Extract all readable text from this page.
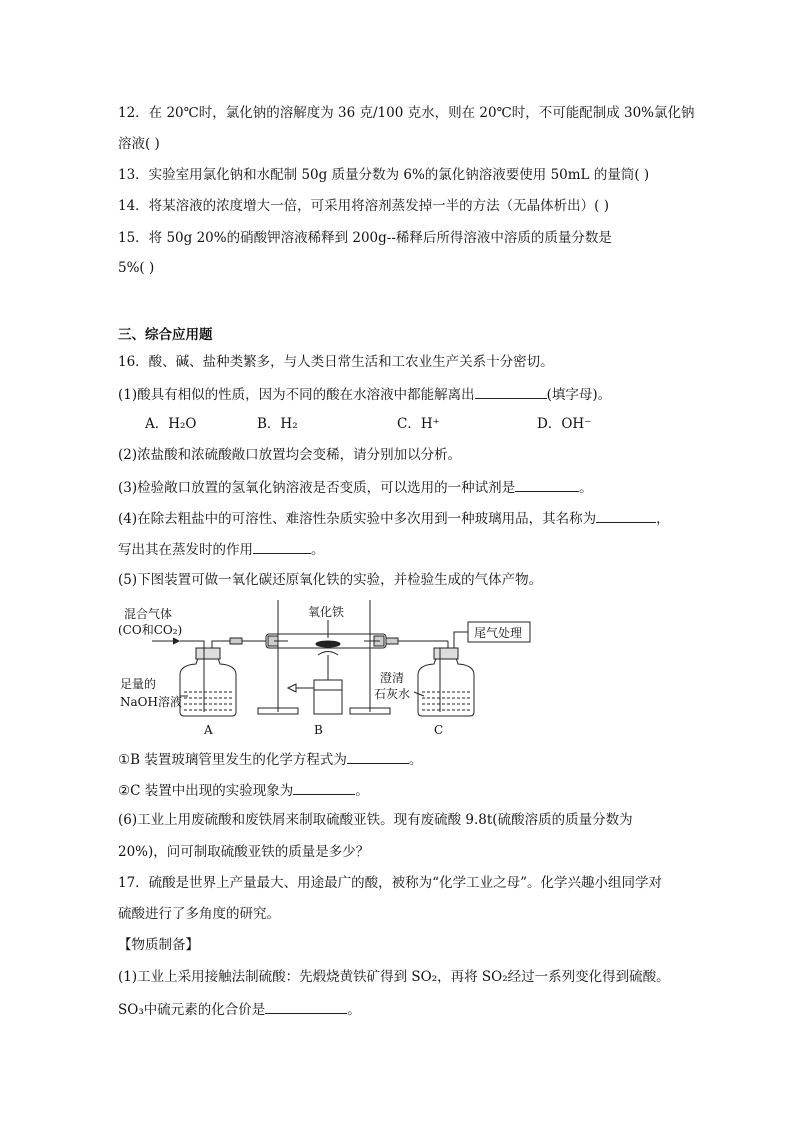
12．在 20℃时，氯化钠的溶解度为 36 克/100 克水，则在 20℃时，不可能配制成 30%氯化钠
溶液( )
13．实验室用氯化钠和水配制 50g 质量分数为 6%的氯化钠溶液要使用 50mL 的量筒( )
14．将某溶液的浓度增大一倍，可采用将溶剂蒸发掉一半的方法（无晶体析出）( )
15．将 50g 20%的硝酸钾溶液稀释到 200g--稀释后所得溶液中溶质的质量分数是
5%( )
三、综合应用题
16．酸、碱、盐种类繁多，与人类日常生活和工农业生产关系十分密切。
(1)酸具有相似的性质，因为不同的酸在水溶液中都能解离出	(填字母)。
A．H₂O	B．H₂	C．H⁺	D．OH⁻
(2)浓盐酸和浓硫酸敞口放置均会变稀，请分别加以分析。
(3)检验敞口放置的氢氧化钠溶液是否变质，可以选用的一种试剂是	。
(4)在除去粗盐中的可溶性、难溶性杂质实验中多次用到一种玻璃用品，其名称为	，
写出其在蒸发时的作用	。
(5)下图装置可做一氧化碳还原氧化铁的实验，并检验生成的气体产物。
混合气体
(CO和CO₂)
氧化铁
尾气处理
足量的
NaOH溶液
澄清
石灰水
A	B	C
①B 装置玻璃管里发生的化学方程式为	。
②C 装置中出现的实验现象为	。
(6)工业上用废硫酸和废铁屑来制取硫酸亚铁。现有废硫酸 9.8t(硫酸溶质的质量分数为
20%)，问可制取硫酸亚铁的质量是多少？
17．硫酸是世界上产量最大、用途最广的酸，被称为“化学工业之母”。化学兴趣小组同学对
硫酸进行了多角度的研究。
【物质制备】
(1)工业上采用接触法制硫酸：先煅烧黄铁矿得到 SO₂，再将 SO₂经过一系列变化得到硫酸。
SO₃中硫元素的化合价是	。
